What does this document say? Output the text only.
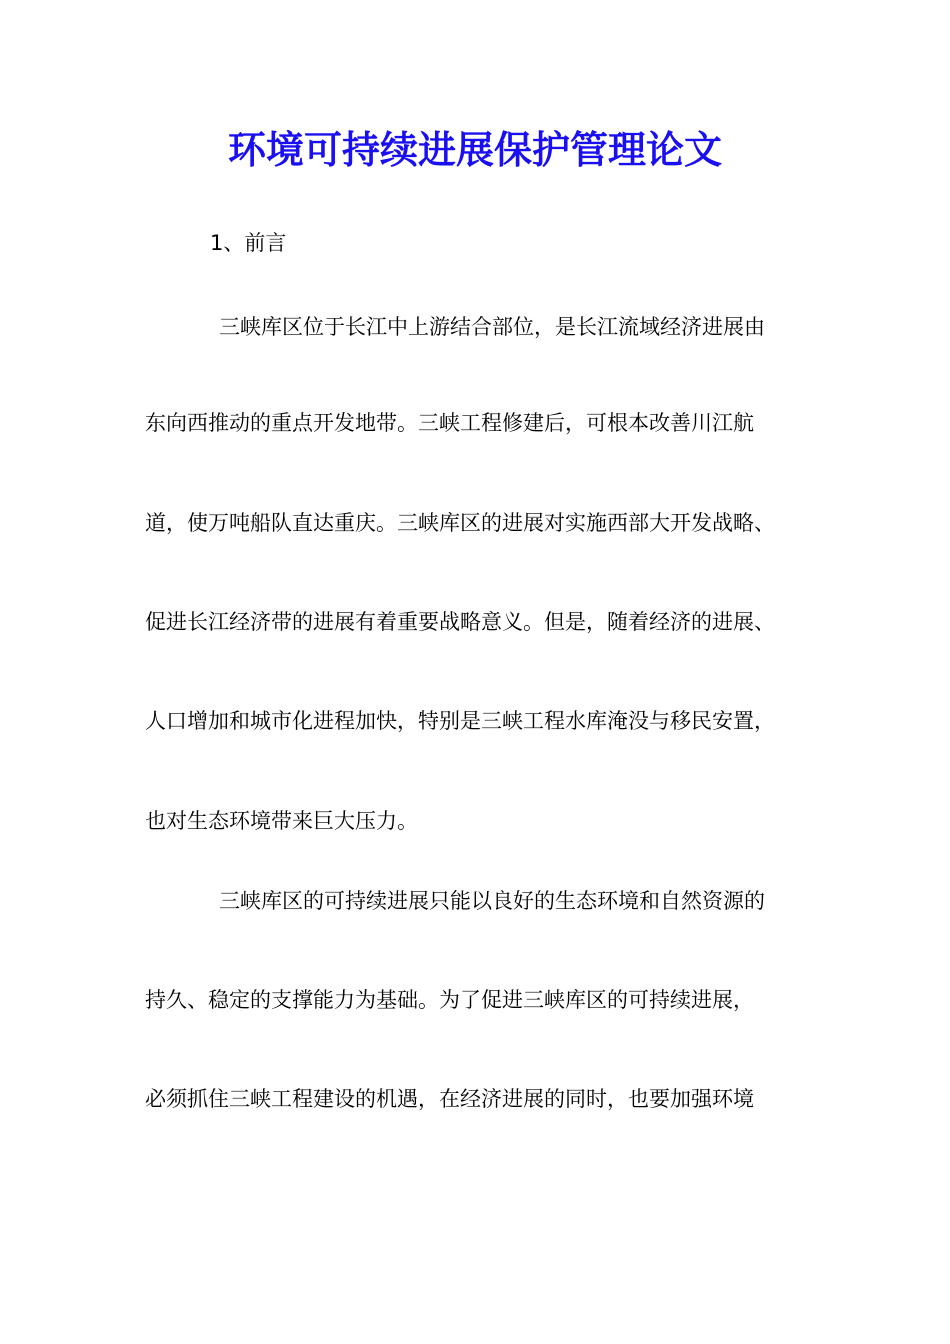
环境可持续进展保护管理论文

1、前言

三峡库区位于长江中上游结合部位，是长江流域经济进展由

东向西推动的重点开发地带。三峡工程修建后，可根本改善川江航

道，使万吨船队直达重庆。三峡库区的进展对实施西部大开发战略、

促进长江经济带的进展有着重要战略意义。但是，随着经济的进展、

人口增加和城市化进程加快，特别是三峡工程水库淹没与移民安置，

也对生态环境带来巨大压力。

三峡库区的可持续进展只能以良好的生态环境和自然资源的

持久、稳定的支撑能力为基础。为了促进三峡库区的可持续进展，

必须抓住三峡工程建设的机遇，在经济进展的同时，也要加强环境
